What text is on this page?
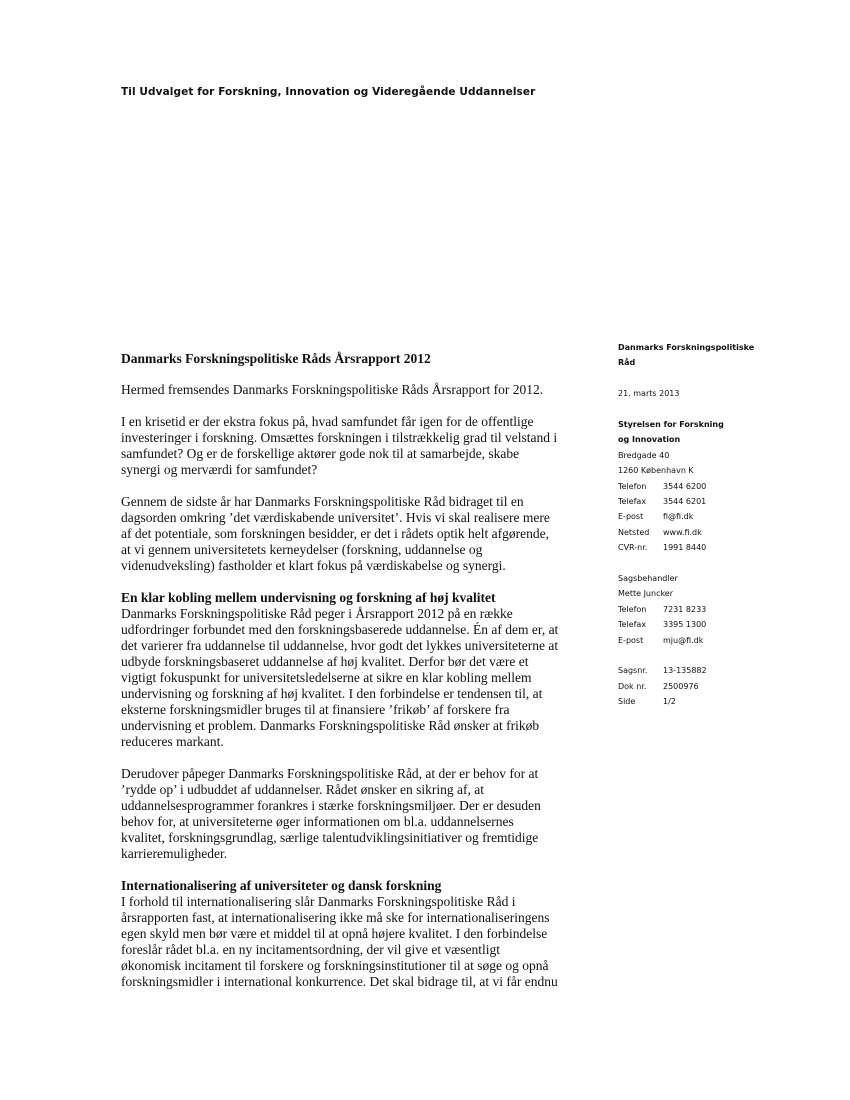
Til Udvalget for Forskning, Innovation og Videregående Uddannelser
Danmarks Forskningspolitiske Råds Årsrapport 2012

Hermed fremsendes Danmarks Forskningspolitiske Råds Årsrapport for 2012.

I en krisetid er der ekstra fokus på, hvad samfundet får igen for de offentlige
investeringer i forskning. Omsættes forskningen i tilstrækkelig grad til velstand i
samfundet? Og er de forskellige aktører gode nok til at samarbejde, skabe
synergi og merværdi for samfundet?

Gennem de sidste år har Danmarks Forskningspolitiske Råd bidraget til en
dagsorden omkring ’det værdiskabende universitet’. Hvis vi skal realisere mere
af det potentiale, som forskningen besidder, er det i rådets optik helt afgørende,
at vi gennem universitetets kerneydelser (forskning, uddannelse og
videnudveksling) fastholder et klart fokus på værdiskabelse og synergi.

En klar kobling mellem undervisning og forskning af høj kvalitet
Danmarks Forskningspolitiske Råd peger i Årsrapport 2012 på en række
udfordringer forbundet med den forskningsbaserede uddannelse. Én af dem er, at
det varierer fra uddannelse til uddannelse, hvor godt det lykkes universiteterne at
udbyde forskningsbaseret uddannelse af høj kvalitet. Derfor bør det være et
vigtigt fokuspunkt for universitetsledelserne at sikre en klar kobling mellem
undervisning og forskning af høj kvalitet. I den forbindelse er tendensen til, at
eksterne forskningsmidler bruges til at finansiere ’frikøb’ af forskere fra
undervisning et problem. Danmarks Forskningspolitiske Råd ønsker at frikøb
reduceres markant.

Derudover påpeger Danmarks Forskningspolitiske Råd, at der er behov for at
’rydde op’ i udbuddet af uddannelser. Rådet ønsker en sikring af, at
uddannelsesprogrammer forankres i stærke forskningsmiljøer. Der er desuden
behov for, at universiteterne øger informationen om bl.a. uddannelsernes
kvalitet, forskningsgrundlag, særlige talentudviklingsinitiativer og fremtidige
karrieremuligheder.

Internationalisering af universiteter og dansk forskning
I forhold til internationalisering slår Danmarks Forskningspolitiske Råd i
årsrapporten fast, at internationalisering ikke må ske for internationaliseringens
egen skyld men bør være et middel til at opnå højere kvalitet. I den forbindelse
foreslår rådet bl.a. en ny incitamentsordning, der vil give et væsentligt
økonomisk incitament til forskere og forskningsinstitutioner til at søge og opnå
forskningsmidler i international konkurrence. Det skal bidrage til, at vi får endnu

Danmarks Forskningspolitiske
Råd
21. marts 2013
Styrelsen for Forskning
og Innovation
Bredgade 40
1260 København K
Telefon	3544 6200
Telefax	3544 6201
E-post	fi@fi.dk
Netsted	www.fi.dk
CVR-nr.	1991 8440
Sagsbehandler
Mette Juncker
Telefon	7231 8233
Telefax	3395 1300
E-post	mju@fi.dk
Sagsnr.	13-135882
Dok nr.	2500976
Side	1/2
